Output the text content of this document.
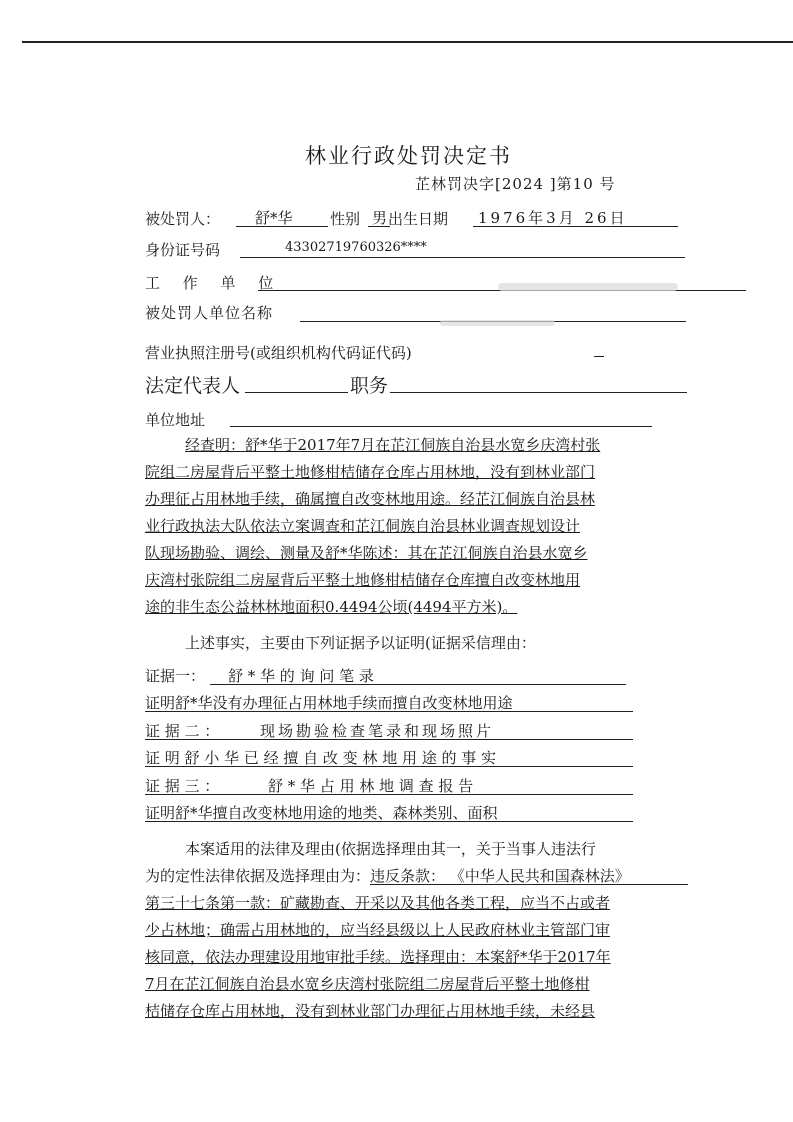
林业行政处罚决定书
芷林罚决字[2024 ]第10 号
被处罚人： 舒*华 性别 男 出生日期 1976年3月 26日
身份证号码	43302719760326****
工 作 单 位
被处罚人单位名称
营业执照注册号(或组织机构代码证代码)
法定代表人	职务
单位地址
经查明：舒*华于2017年7月在芷江侗族自治县水宽乡庆湾村张
院组二房屋背后平整土地修柑桔储存仓库占用林地，没有到林业部门
办理征占用林地手续，确属擅自改变林地用途。经芷江侗族自治县林
业行政执法大队依法立案调查和芷江侗族自治县林业调查规划设计
队现场勘验、调绘、测量及舒*华陈述：其在芷江侗族自治县水宽乡
庆湾村张院组二房屋背后平整土地修柑桔储存仓库擅自改变林地用
途的非生态公益林林地面积0.4494公顷(4494平方米)。
上述事实，主要由下列证据予以证明(证据采信理由：
证据一： 舒 * 华 的 询 问 笔 录
证明舒*华没有办理征占用林地手续而擅自改变林地用途
证 据 二 ：	现场勘验检查笔录和现场照片
证 明 舒 小 华 已 经 擅 自 改 变 林 地 用 途 的 事 实
证 据 三 ：	舒 * 华 占 用 林 地 调 查 报 告
证明舒*华擅自改变林地用途的地类、森林类别、面积
本案适用的法律及理由(依据选择理由其一，关于当事人违法行
为的定性法律依据及选择理由为：违反条款： 《中华人民共和国森林法》
第三十七条第一款：矿藏勘查、开采以及其他各类工程，应当不占或者
少占林地；确需占用林地的，应当经县级以上人民政府林业主管部门审
核同意，依法办理建设用地审批手续。选择理由：本案舒*华于2017年
7月在芷江侗族自治县水宽乡庆湾村张院组二房屋背后平整土地修柑
桔储存仓库占用林地，没有到林业部门办理征占用林地手续，未经县
